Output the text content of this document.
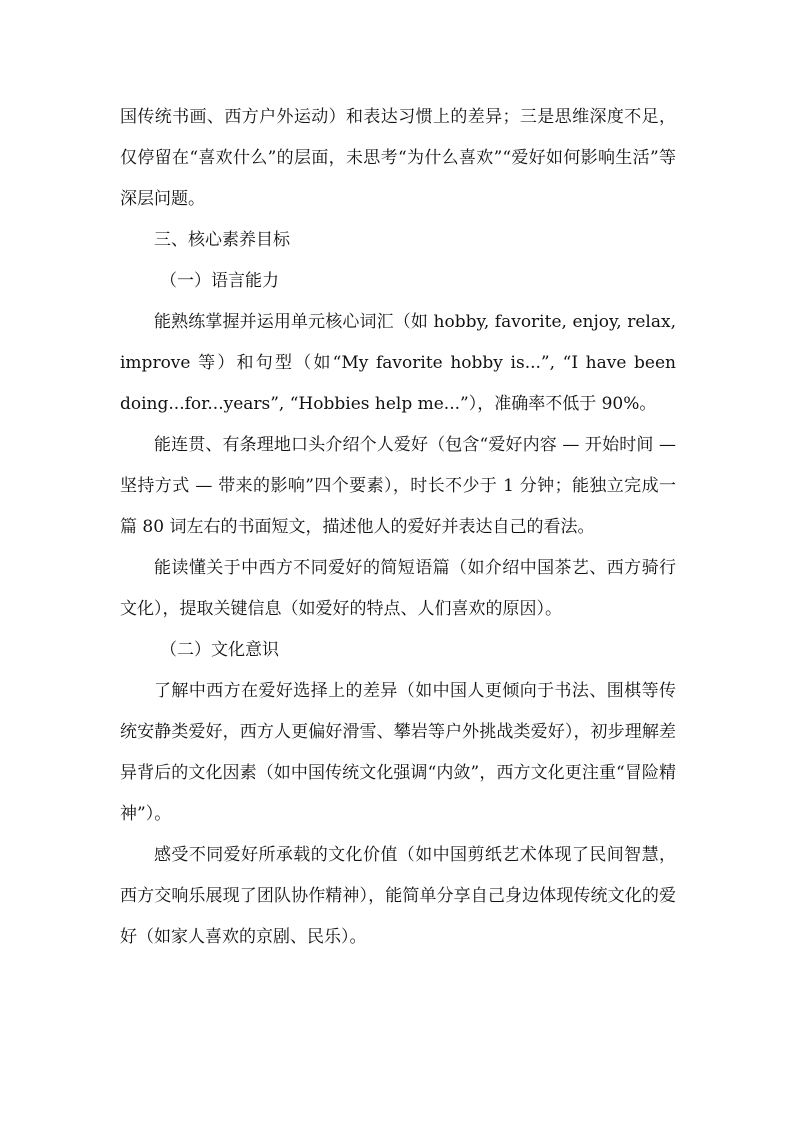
国传统书画、西方户外运动）和表达习惯上的差异；三是思维深度不足，仅停留在“喜欢什么”的层面，未思考“为什么喜欢”“爱好如何影响生活”等深层问题。

三、核心素养目标

（一）语言能力

能熟练掌握并运用单元核心词汇（如 hobby, favorite, enjoy, relax, improve 等）和句型（如“My favorite hobby is...”, “I have been doing...for...years”, “Hobbies help me...”），准确率不低于 90%。

能连贯、有条理地口头介绍个人爱好（包含“爱好内容 — 开始时间 — 坚持方式 — 带来的影响”四个要素），时长不少于 1 分钟；能独立完成一篇 80 词左右的书面短文，描述他人的爱好并表达自己的看法。

能读懂关于中西方不同爱好的简短语篇（如介绍中国茶艺、西方骑行文化），提取关键信息（如爱好的特点、人们喜欢的原因）。

（二）文化意识

了解中西方在爱好选择上的差异（如中国人更倾向于书法、围棋等传统安静类爱好，西方人更偏好滑雪、攀岩等户外挑战类爱好），初步理解差异背后的文化因素（如中国传统文化强调“内敛”，西方文化更注重“冒险精神”）。

感受不同爱好所承载的文化价值（如中国剪纸艺术体现了民间智慧，西方交响乐展现了团队协作精神），能简单分享自己身边体现传统文化的爱好（如家人喜欢的京剧、民乐）。
